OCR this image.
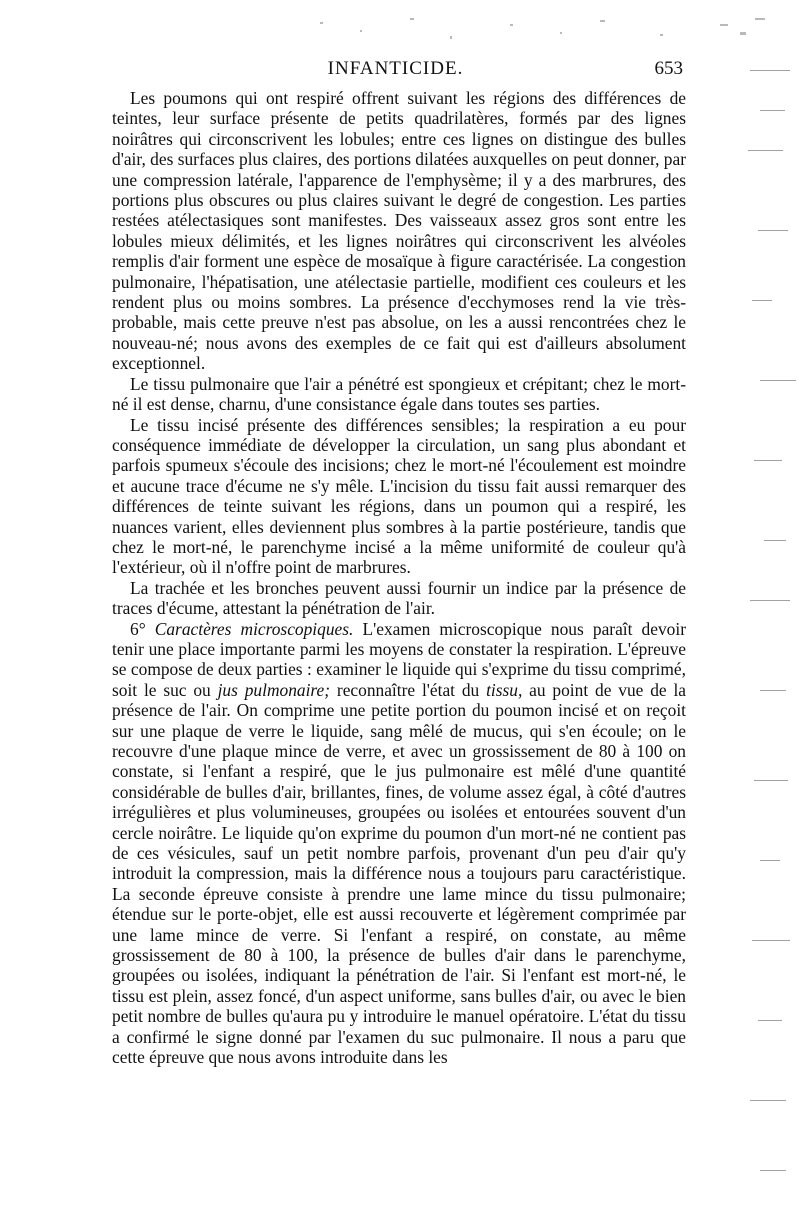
INFANTICIDE.	653

Les poumons qui ont respiré offrent suivant les régions des différences de teintes, leur surface présente de petits quadrilatères, formés par des lignes noirâtres qui circonscrivent les lobules; entre ces lignes on distingue des bulles d'air, des surfaces plus claires, des portions dilatées auxquelles on peut donner, par une compression latérale, l'apparence de l'emphysème; il y a des marbrures, des portions plus obscures ou plus claires suivant le degré de congestion. Les parties restées atélectasiques sont manifestes. Des vaisseaux assez gros sont entre les lobules mieux délimités, et les lignes noirâtres qui circonscrivent les alvéoles remplis d'air forment une espèce de mosaïque à figure caractérisée. La congestion pulmonaire, l'hépatisation, une atélectasie partielle, modifient ces couleurs et les rendent plus ou moins sombres. La présence d'ecchymoses rend la vie très-probable, mais cette preuve n'est pas absolue, on les a aussi rencontrées chez le nouveau-né; nous avons des exemples de ce fait qui est d'ailleurs absolument exceptionnel.

Le tissu pulmonaire que l'air a pénétré est spongieux et crépitant; chez le mort-né il est dense, charnu, d'une consistance égale dans toutes ses parties.

Le tissu incisé présente des différences sensibles; la respiration a eu pour conséquence immédiate de développer la circulation, un sang plus abondant et parfois spumeux s'écoule des incisions; chez le mort-né l'écoulement est moindre et aucune trace d'écume ne s'y mêle. L'incision du tissu fait aussi remarquer des différences de teinte suivant les régions, dans un poumon qui a respiré, les nuances varient, elles deviennent plus sombres à la partie postérieure, tandis que chez le mort-né, le parenchyme incisé a la même uniformité de couleur qu'à l'extérieur, où il n'offre point de marbrures.

La trachée et les bronches peuvent aussi fournir un indice par la présence de traces d'écume, attestant la pénétration de l'air.

6° Caractères microscopiques. L'examen microscopique nous paraît devoir tenir une place importante parmi les moyens de constater la respiration. L'épreuve se compose de deux parties : examiner le liquide qui s'exprime du tissu comprimé, soit le suc ou jus pulmonaire; reconnaître l'état du tissu, au point de vue de la présence de l'air. On comprime une petite portion du poumon incisé et on reçoit sur une plaque de verre le liquide, sang mêlé de mucus, qui s'en écoule; on le recouvre d'une plaque mince de verre, et avec un grossissement de 80 à 100 on constate, si l'enfant a respiré, que le jus pulmonaire est mêlé d'une quantité considérable de bulles d'air, brillantes, fines, de volume assez égal, à côté d'autres irrégulières et plus volumineuses, groupées ou isolées et entourées souvent d'un cercle noirâtre. Le liquide qu'on exprime du poumon d'un mort-né ne contient pas de ces vésicules, sauf un petit nombre parfois, provenant d'un peu d'air qu'y introduit la compression, mais la différence nous a toujours paru caractéristique. La seconde épreuve consiste à prendre une lame mince du tissu pulmonaire; étendue sur le porte-objet, elle est aussi recouverte et légèrement comprimée par une lame mince de verre. Si l'enfant a respiré, on constate, au même grossissement de 80 à 100, la présence de bulles d'air dans le parenchyme, groupées ou isolées, indiquant la pénétration de l'air. Si l'enfant est mort-né, le tissu est plein, assez foncé, d'un aspect uniforme, sans bulles d'air, ou avec le bien petit nombre de bulles qu'aura pu y introduire le manuel opératoire. L'état du tissu a confirmé le signe donné par l'examen du suc pulmonaire. Il nous a paru que cette épreuve que nous avons introduite dans les
